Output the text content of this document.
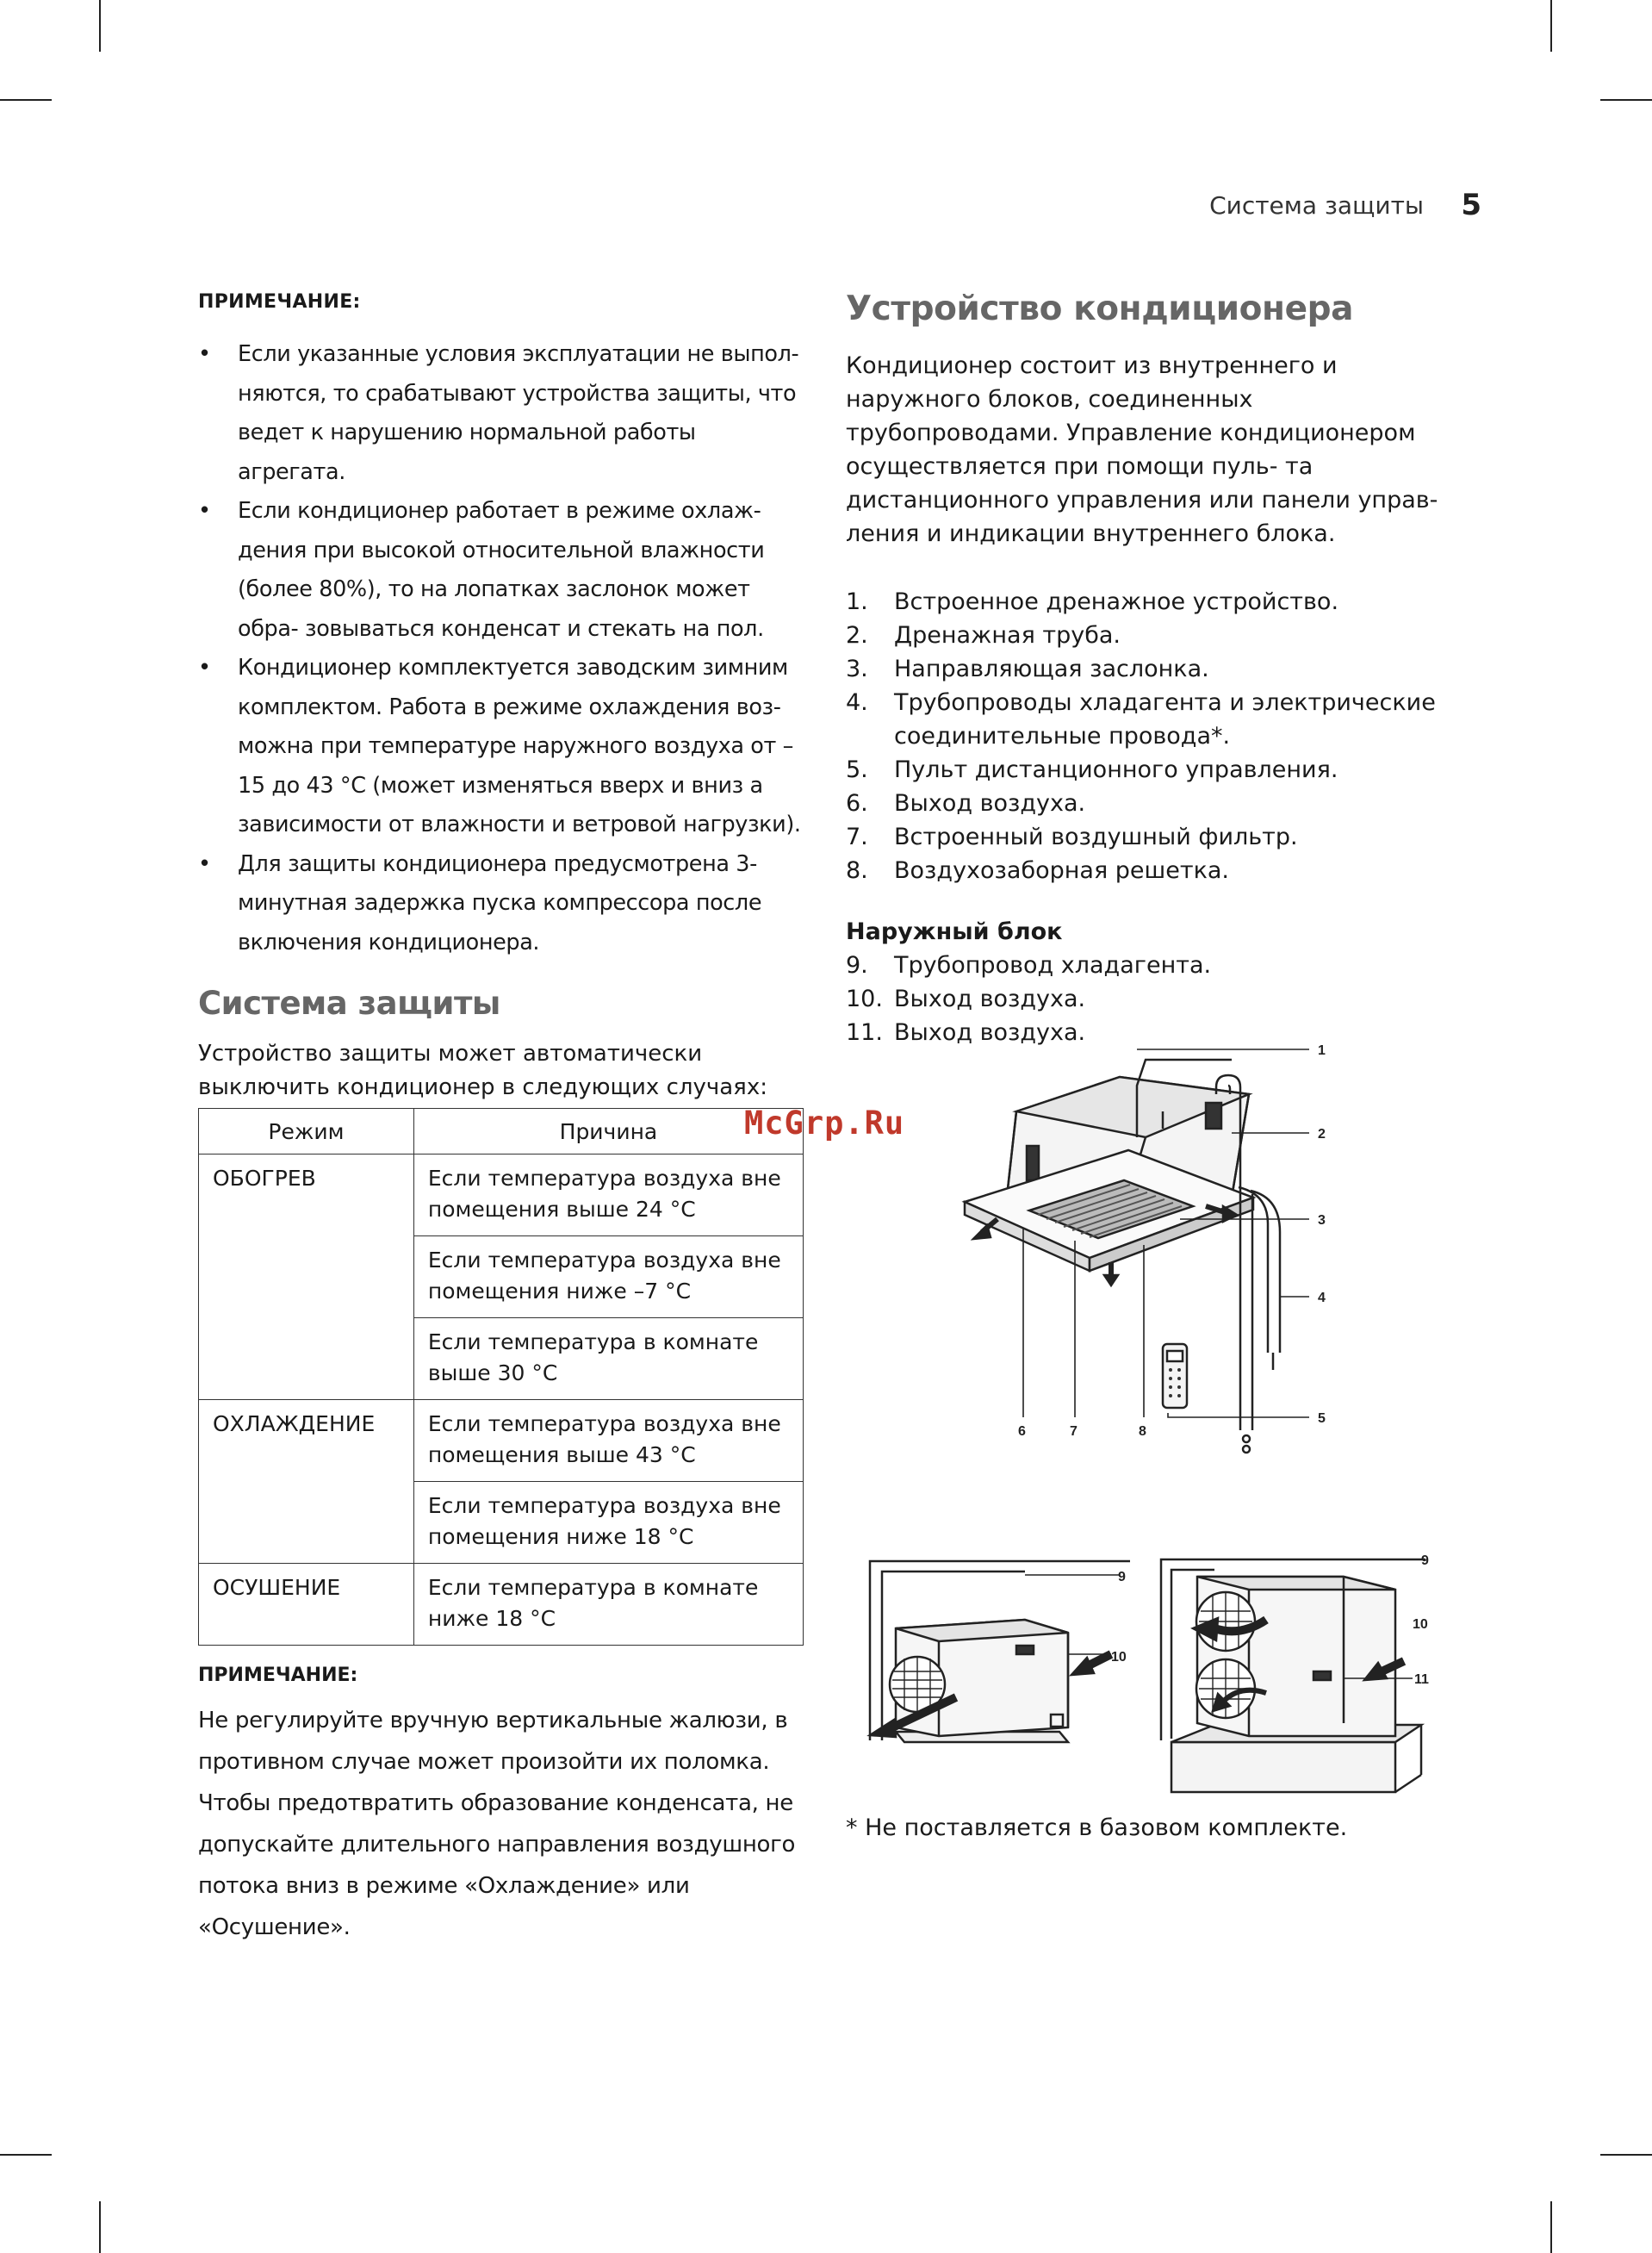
Система защиты 5
ПРИМЕЧАНИЕ:
• Если указанные условия эксплуатации не выпол- няются, то срабатывают устройства защиты, что ведет к нарушению нормальной работы агрегата.
• Если кондиционер работает в режиме охлаж- дения при высокой относительной влажности (более 80%), то на лопатках заслонок может обра- зовываться конденсат и стекать на пол.
• Кондиционер комплектуется заводским зимним комплектом. Работа в режиме охлаждения воз- можна при температуре наружного воздуха от –15 до 43 °С (может изменяться вверх и вниз а зависимости от влажности и ветровой нагрузки).
• Для защиты кондиционера предусмотрена 3-минутная задержка пуска компрессора после включения кондиционера.
Система защиты

Устройство защиты может автоматически выключить кондиционер в следующих случаях:

Режим	Причина
ОБОГРЕВ	Если температура воздуха вне помещения выше 24 °C
	Если температура воздуха вне помещения ниже –7 °C
	Если температура в комнате выше 30 °C
ОХЛАЖДЕНИЕ	Если температура воздуха вне помещения выше 43 °C
	Если температура воздуха вне помещения ниже 18 °C
ОСУШЕНИЕ	Если температура в комнате ниже 18 °C
ПРИМЕЧАНИЕ:
Не регулируйте вручную вертикальные жалюзи, в противном случае может произойти их поломка. Чтобы предотвратить образование конденсата, не допускайте длительного направления воздушного потока вниз в режиме «Охлаждение» или «Осушение».
Устройство кондиционера

Кондиционер состоит из внутреннего и наружного блоков, соединенных трубопроводами. Управление кондиционером осуществляется при помощи пуль- та дистанционного управления или панели управ- ления и индикации внутреннего блока.

1. Встроенное дренажное устройство.
2. Дренажная труба.
3. Направляющая заслонка.
4. Трубопроводы хладагента и электрические соединительные провода*.
5. Пульт дистанционного управления.
6. Выход воздуха.
7. Встроенный воздушный фильтр.
8. Воздухозаборная решетка.
Наружный блок
9. Трубопровод хладагента.
10. Выход воздуха.
11. Выход воздуха.
McGrp.Ru
1
2
3
4
5
6	7	8
9
10
9
10
11
* Не поставляется в базовом комплекте.
